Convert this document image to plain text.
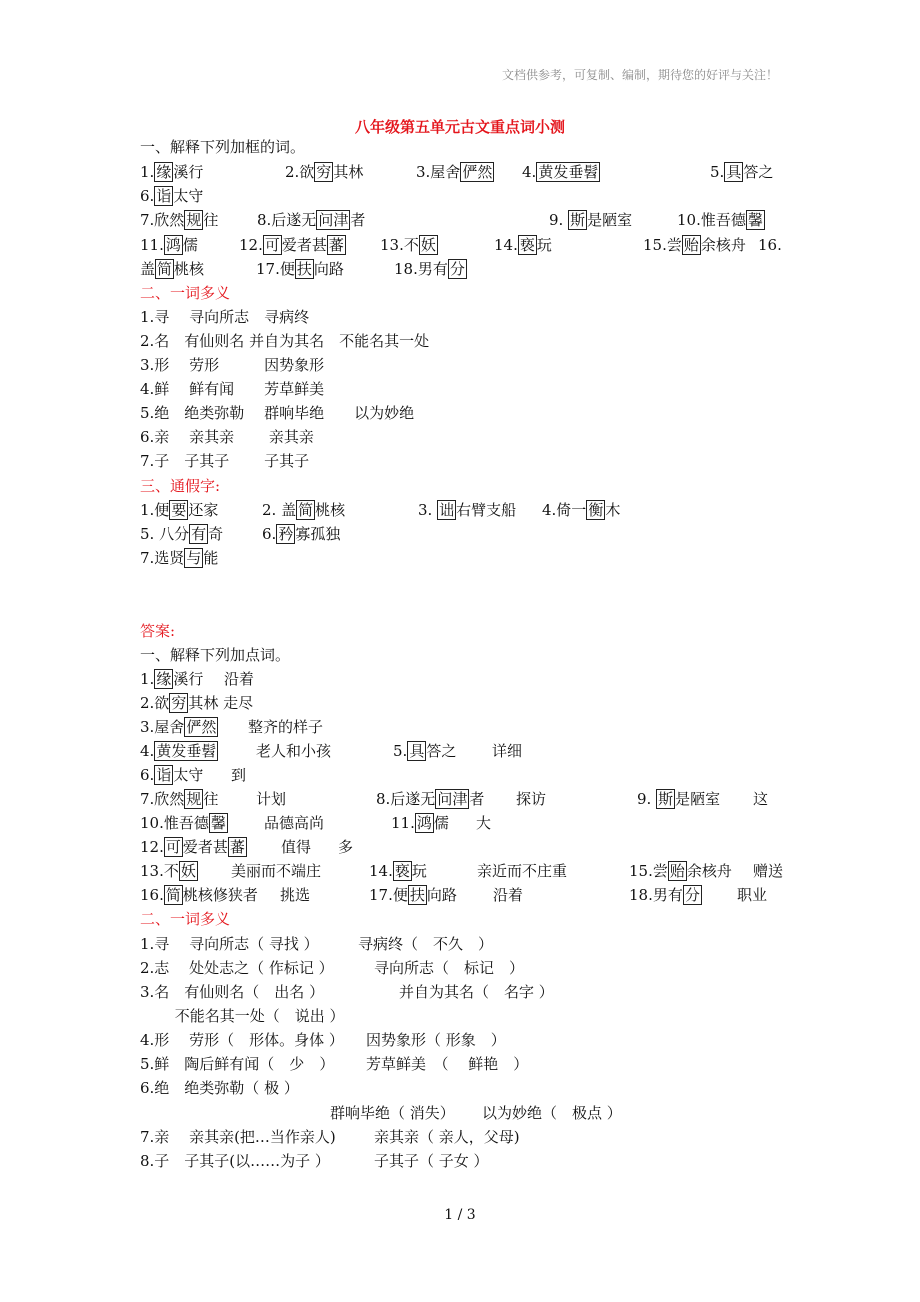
文档供参考，可复制、编制，期待您的好评与关注！
八年级第五单元古文重点词小测
一、解释下列加框的词。
1. 缘 溪行	2.欲 穷 其林	3.屋舍 俨然 4. 黄发垂髫	5. 具 答之
6. 诣 太守
7.欣然 规 往	8.后遂无 问津 者	9. 斯 是陋室	10.惟吾德 馨
11. 鸿 儒	12. 可 爱者甚 蕃 13.不 妖	14. 亵 玩	15.尝 贻 余核舟 16.
盖 简 桃核	17.便 扶 向路	18.男有 分
二、一词多义
1.寻　 寻向所志　寻病终
2.名　有仙则名 并自为其名　不能名其一处
3.形　 劳形　　　因势象形
4.鲜　 鲜有闻　　芳草鲜美
5.绝　绝类弥勒　 群响毕绝　　以为妙绝
6.亲　 亲其亲　　 亲其亲
7.子　子其子　　 子其子
三、通假字:
1.便 要 还家	2. 盖 简 桃核	3. 诎 右臂支船 4.倚一 衡 木
5. 八分 有 奇	6. 矜 寡孤独
7.选贤 与 能
答案:
一、解释下列加点词。
1. 缘 溪行 沿着
2.欲 穷 其林 走尽
3.屋舍 俨然 整齐的样子
4. 黄发垂髫	老人和小孩	5. 具 答之 详细
6. 诣 太守 到
7.欣然 规 往	计划	8.后遂无 问津 者 探访	9. 斯 是陋室 这
10.惟吾德 馨	品德高尚	11. 鸿 儒 大
12. 可 爱者甚 蕃 值得 多
13.不 妖 美丽而不端庄	14. 亵 玩	亲近而不庄重	15.尝 贻 余核舟 赠送
16. 简 桃核修狭者 挑选	17.便 扶 向路 沿着	18.男有 分 职业
二、一词多义
1.寻　 寻向所志（ 寻找 ）	寻病终（　不久　）
2.志　 处处志之（ 作标记 ）	寻向所志（　标记　）
3.名　有仙则名（　出名 ）	并自为其名（　名字 ）
　　 不能名其一处（　说出 ）
4.形　 劳形（　形体。身体 ） 因势象形（ 形象　）
5.鲜　陶后鲜有闻（　少　） 芳草鲜美　（　 鲜艳　）
6.绝　绝类弥勒（ 极 ）
群响毕绝（ 消失）　　 以为妙绝（　极点 ）
7.亲　 亲其亲(把…当作亲人)	亲其亲（ 亲人，父母)
8.子　子其子(以……为子 ）	子其子（ 子女 ）
1 / 3
